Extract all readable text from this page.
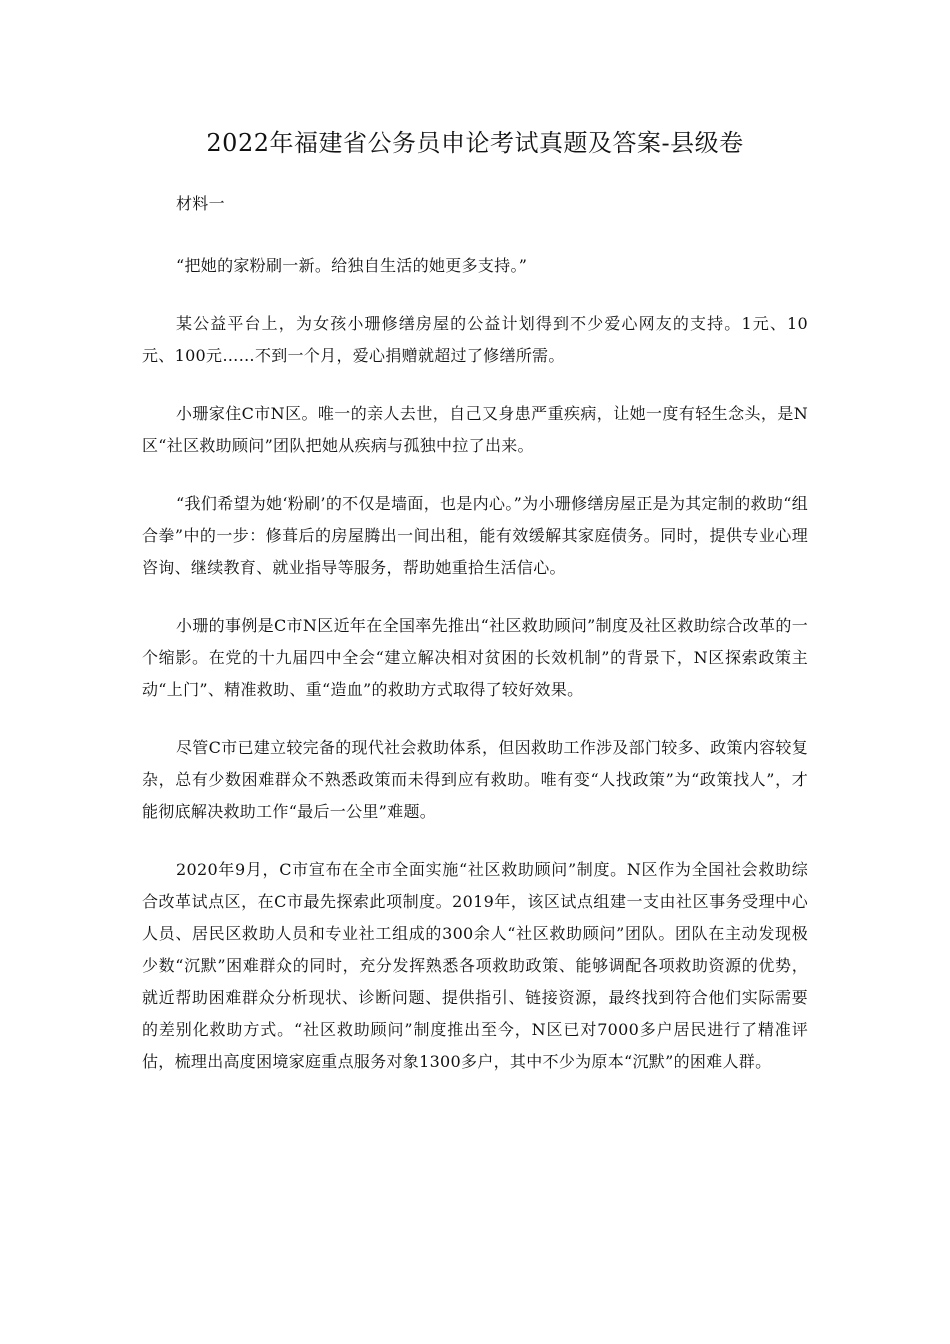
2022年福建省公务员申论考试真题及答案-县级卷

材料一

“把她的家粉刷一新。给独自生活的她更多支持。”

某公益平台上，为女孩小珊修缮房屋的公益计划得到不少爱心网友的支持。1元、10元、100元……不到一个月，爱心捐赠就超过了修缮所需。

小珊家住C市N区。唯一的亲人去世，自己又身患严重疾病，让她一度有轻生念头，是N区“社区救助顾问”团队把她从疾病与孤独中拉了出来。

“我们希望为她‘粉刷’的不仅是墙面，也是内心。”为小珊修缮房屋正是为其定制的救助“组合拳”中的一步：修葺后的房屋腾出一间出租，能有效缓解其家庭债务。同时，提供专业心理咨询、继续教育、就业指导等服务，帮助她重拾生活信心。

小珊的事例是C市N区近年在全国率先推出“社区救助顾问”制度及社区救助综合改革的一个缩影。在党的十九届四中全会“建立解决相对贫困的长效机制”的背景下，N区探索政策主动“上门”、精准救助、重“造血”的救助方式取得了较好效果。

尽管C市已建立较完备的现代社会救助体系，但因救助工作涉及部门较多、政策内容较复杂，总有少数困难群众不熟悉政策而未得到应有救助。唯有变“人找政策”为“政策找人”，才能彻底解决救助工作“最后一公里”难题。

2020年9月，C市宣布在全市全面实施“社区救助顾问”制度。N区作为全国社会救助综合改革试点区，在C市最先探索此项制度。2019年，该区试点组建一支由社区事务受理中心人员、居民区救助人员和专业社工组成的300余人“社区救助顾问”团队。团队在主动发现极少数“沉默”困难群众的同时，充分发挥熟悉各项救助政策、能够调配各项救助资源的优势，就近帮助困难群众分析现状、诊断问题、提供指引、链接资源，最终找到符合他们实际需要的差别化救助方式。“社区救助顾问”制度推出至今，N区已对7000多户居民进行了精准评估，梳理出高度困境家庭重点服务对象1300多户，其中不少为原本“沉默”的困难人群。
